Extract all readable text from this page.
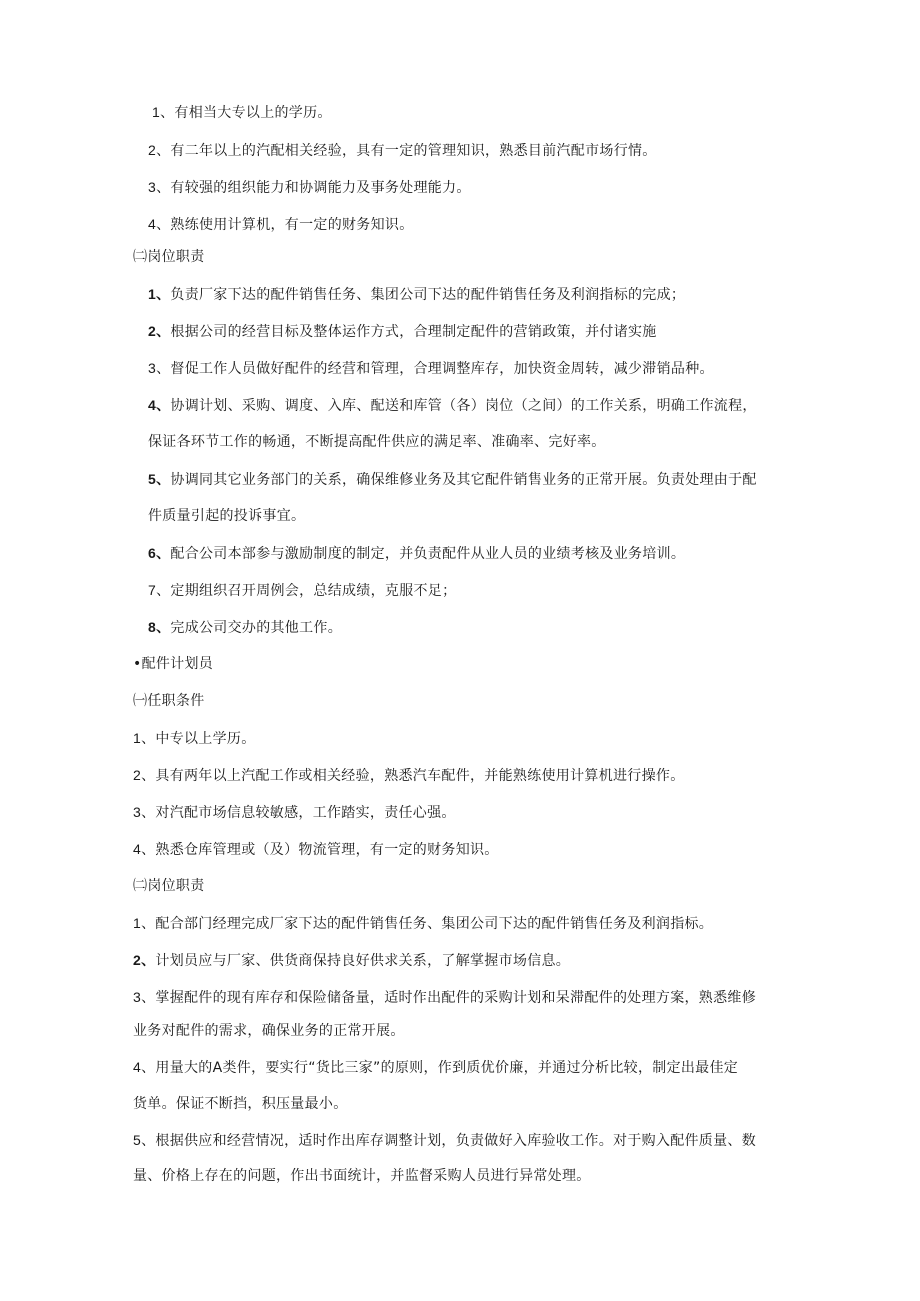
1、有相当大专以上的学历。
2、有二年以上的汽配相关经验，具有一定的管理知识，熟悉目前汽配市场行情。
3、有较强的组织能力和协调能力及事务处理能力。
4、熟练使用计算机，有一定的财务知识。
㈡岗位职责
1、负责厂家下达的配件销售任务、集团公司下达的配件销售任务及利润指标的完成；
2、根据公司的经营目标及整体运作方式，合理制定配件的营销政策，并付诸实施
3、督促工作人员做好配件的经营和管理，合理调整库存，加快资金周转，减少滞销品种。
4、协调计划、采购、调度、入库、配送和库管（各）岗位（之间）的工作关系，明确工作流程，
保证各环节工作的畅通，不断提高配件供应的满足率、准确率、完好率。
5、协调同其它业务部门的关系，确保维修业务及其它配件销售业务的正常开展。负责处理由于配
件质量引起的投诉事宜。
6、配合公司本部参与激励制度的制定，并负责配件从业人员的业绩考核及业务培训。
7、定期组织召开周例会，总结成绩，克服不足；
8、完成公司交办的其他工作。
•配件计划员
㈠任职条件
1、中专以上学历。
2、具有两年以上汽配工作或相关经验，熟悉汽车配件，并能熟练使用计算机进行操作。
3、对汽配市场信息较敏感，工作踏实，责任心强。
4、熟悉仓库管理或（及）物流管理，有一定的财务知识。
㈡岗位职责
1、配合部门经理完成厂家下达的配件销售任务、集团公司下达的配件销售任务及利润指标。
2、计划员应与厂家、供货商保持良好供求关系，了解掌握市场信息。
3、掌握配件的现有库存和保险储备量，适时作出配件的采购计划和呆滞配件的处理方案，熟悉维修
业务对配件的需求，确保业务的正常开展。
4、用量大的A类件，要实行“货比三家”的原则，作到质优价廉，并通过分析比较，制定出最佳定
货单。保证不断挡，积压量最小。
5、根据供应和经营情况，适时作出库存调整计划，负责做好入库验收工作。对于购入配件质量、数
量、价格上存在的问题，作出书面统计，并监督采购人员进行异常处理。
